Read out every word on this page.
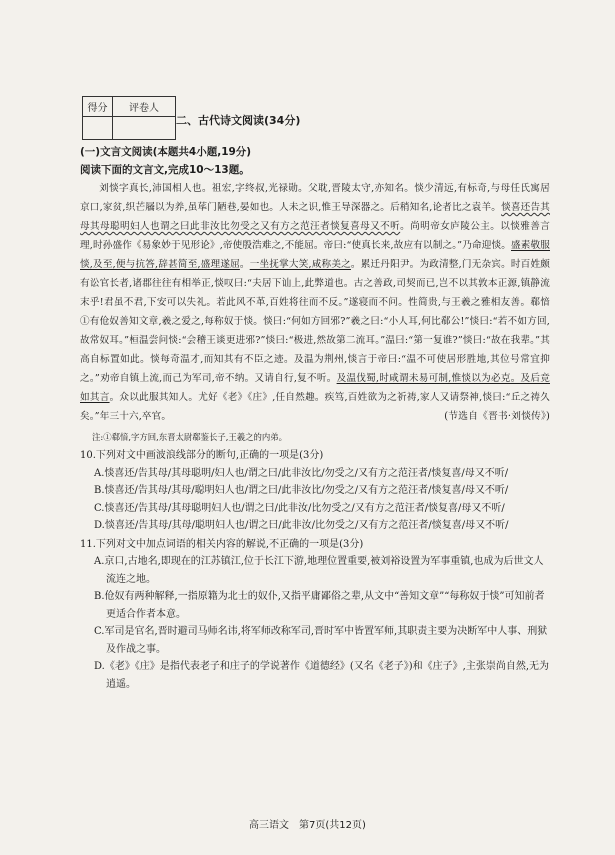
得分	评卷人
二、古代诗文阅读(34分)
(一)文言文阅读(本题共4小题,19分)
阅读下面的文言文,完成10～13题。

刘惔字真长,沛国相人也。祖宏,字终叔,光禄勋。父耽,晋陵太守,亦知名。惔少清远,有标奇,与母任氏寓居京口,家贫,织芒屩以为养,虽荜门陋巷,晏如也。人未之识,惟王导深器之。后稍知名,论者比之袁羊。惔喜还告其母其母聪明妇人也谓之曰此非汝比勿受之又有方之范汪者惔复喜母又不听。尚明帝女庐陵公主。以惔雅善言理,时孙盛作《易象妙于见形论》,帝使殷浩难之,不能屈。帝曰:“使真长来,故应有以制之。”乃命迎惔。盛素敬服惔,及至,便与抗答,辞甚简至,盛理遂屈。一坐抚掌大笑,咸称美之。累迁丹阳尹。为政清整,门无杂宾。时百姓颇有讼官长者,诸郡往往有相举正,惔叹曰:“夫居下讪上,此弊道也。古之善政,司契而已,岂不以其敦本正源,镇静流末乎!君虽不君,下安可以失礼。若此风不革,百姓将往而不反。”遂寝而不问。性简贵,与王羲之雅相友善。郗愔①有伧奴善知文章,羲之爱之,每称奴于惔。惔曰:“何如方回邪?”羲之曰:“小人耳,何比郗公!”惔曰:“若不如方回,故常奴耳。”桓温尝问惔:“会稽王谈更进邪?”惔曰:“极进,然故第二流耳。”温曰:“第一复谁?”惔曰:“故在我辈。”其高自标置如此。惔每奇温才,而知其有不臣之迹。及温为荆州,惔言于帝曰:“温不可使居形胜地,其位号常宜抑之。”劝帝自镇上流,而己为军司,帝不纳。又请自行,复不听。及温伐蜀,时咸谓未易可制,惟惔以为必克。及后竞如其言。众以此服其知人。尤好《老》《庄》,任自然趣。疾笃,百姓欲为之祈祷,家人又请祭神,惔曰:“丘之祷久矣。”年三十六,卒官。	(节选自《晋书·刘惔传》)
注:①郗愔,字方回,东晋太尉郗鉴长子,王羲之的内弟。

10.下列对文中画波浪线部分的断句,正确的一项是(3分)

A.惔喜还/告其母/其母聪明/妇人也/谓之曰/此非汝比/勿受之/又有方之范汪者/惔复喜/母又不听/

B.惔喜还/告其母/其母/聪明妇人也/谓之曰/此非汝比/勿受之/又有方之范汪者/惔复喜/母又不听/

C.惔喜还/告其母/其母聪明妇人也/谓之曰/此非汝/比勿受之/又有方之范汪者/惔复喜/母又不听/

D.惔喜还/告其母/其母/聪明妇人也/谓之曰/此非汝/比勿受之/又有方之范汪者/惔复喜/母又不听/

11.下列对文中加点词语的相关内容的解说,不正确的一项是(3分)

A.京口,古地名,即现在的江苏镇江,位于长江下游,地理位置重要,被刘裕设置为军事重镇,也成为后世文人流连之地。

B.伧奴有两种解释,一指原籍为北士的奴仆,又指平庸鄙俗之辈,从文中“善知文章”“每称奴于惔”可知前者更适合作者本意。

C.军司是官名,晋时避司马师名讳,将军师改称军司,晋时军中皆置军师,其职责主要为决断军中人事、刑狱及作战之事。

D.《老》《庄》是指代表老子和庄子的学说著作《道德经》(又名《老子》)和《庄子》,主张崇尚自然,无为逍遥。

高三语文　第7页(共12页)
